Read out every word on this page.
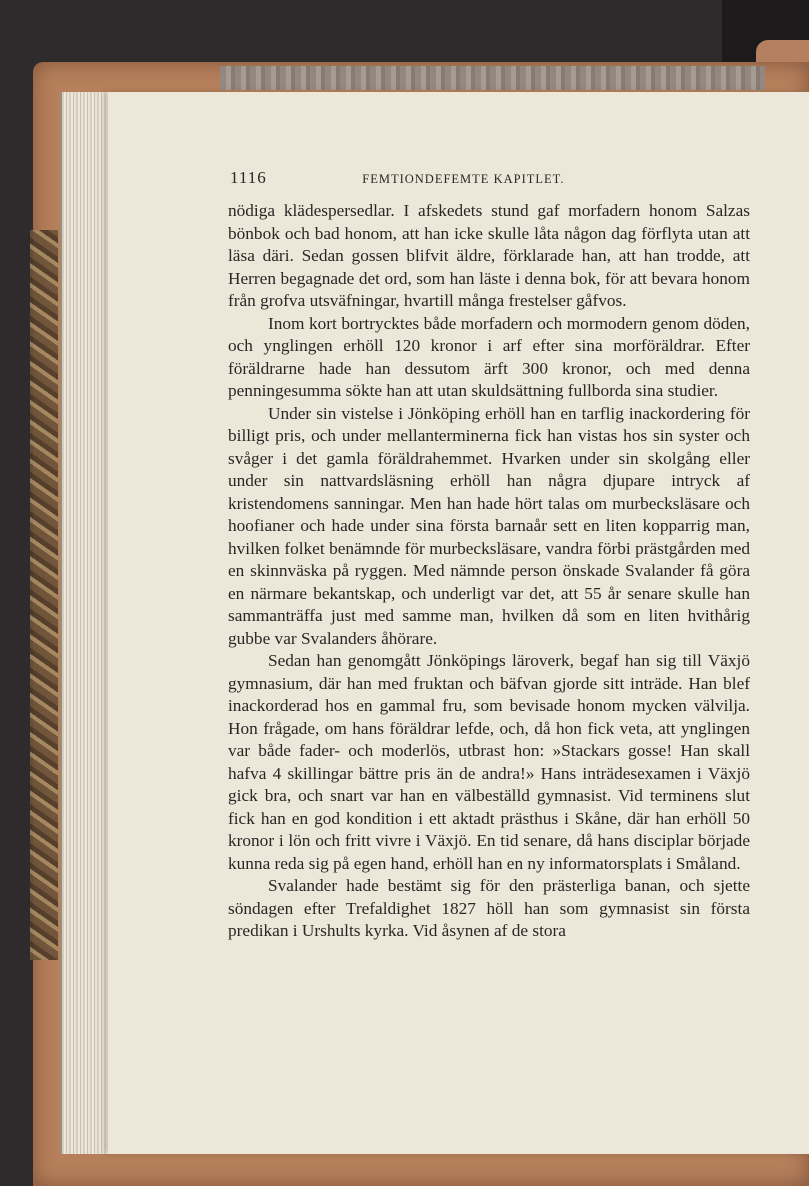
1116	FEMTIONDEFEMTE KAPITLET.

nödiga klädespersedlar. I afskedets stund gaf morfadern honom Salzas bönbok och bad honom, att han icke skulle låta någon dag förflyta utan att läsa däri. Sedan gossen blifvit äldre, förklarade han, att han trodde, att Herren begagnade det ord, som han läste i denna bok, för att bevara honom från grofva utsväfningar, hvartill många frestelser gåfvos.

Inom kort bortrycktes både morfadern och mormodern genom döden, och ynglingen erhöll 120 kronor i arf efter sina morföräldrar. Efter föräldrarne hade han dessutom ärft 300 kronor, och med denna penningesumma sökte han att utan skuldsättning fullborda sina studier.

Under sin vistelse i Jönköping erhöll han en tarflig inackordering för billigt pris, och under mellanterminerna fick han vistas hos sin syster och svåger i det gamla föräldrahemmet. Hvarken under sin skolgång eller under sin nattvardsläsning erhöll han några djupare intryck af kristendomens sanningar. Men han hade hört talas om murbecksläsare och hoofianer och hade under sina första barnaår sett en liten kopparrig man, hvilken folket benämnde för murbecksläsare, vandra förbi prästgården med en skinnväska på ryggen. Med nämnde person önskade Svalander få göra en närmare bekantskap, och underligt var det, att 55 år senare skulle han sammanträffa just med samme man, hvilken då som en liten hvithårig gubbe var Svalanders åhörare.

Sedan han genomgått Jönköpings läroverk, begaf han sig till Växjö gymnasium, där han med fruktan och bäfvan gjorde sitt inträde. Han blef inackorderad hos en gammal fru, som bevisade honom mycken välvilja. Hon frågade, om hans föräldrar lefde, och, då hon fick veta, att ynglingen var både fader- och moderlös, utbrast hon: »Stackars gosse! Han skall hafva 4 skillingar bättre pris än de andra!» Hans inträdesexamen i Växjö gick bra, och snart var han en välbeställd gymnasist. Vid terminens slut fick han en god kondition i ett aktadt prästhus i Skåne, där han erhöll 50 kronor i lön och fritt vivre i Växjö. En tid senare, då hans disciplar började kunna reda sig på egen hand, erhöll han en ny informatorsplats i Småland.

Svalander hade bestämt sig för den prästerliga banan, och sjette söndagen efter Trefaldighet 1827 höll han som gymnasist sin första predikan i Urshults kyrka. Vid åsynen af de stora
